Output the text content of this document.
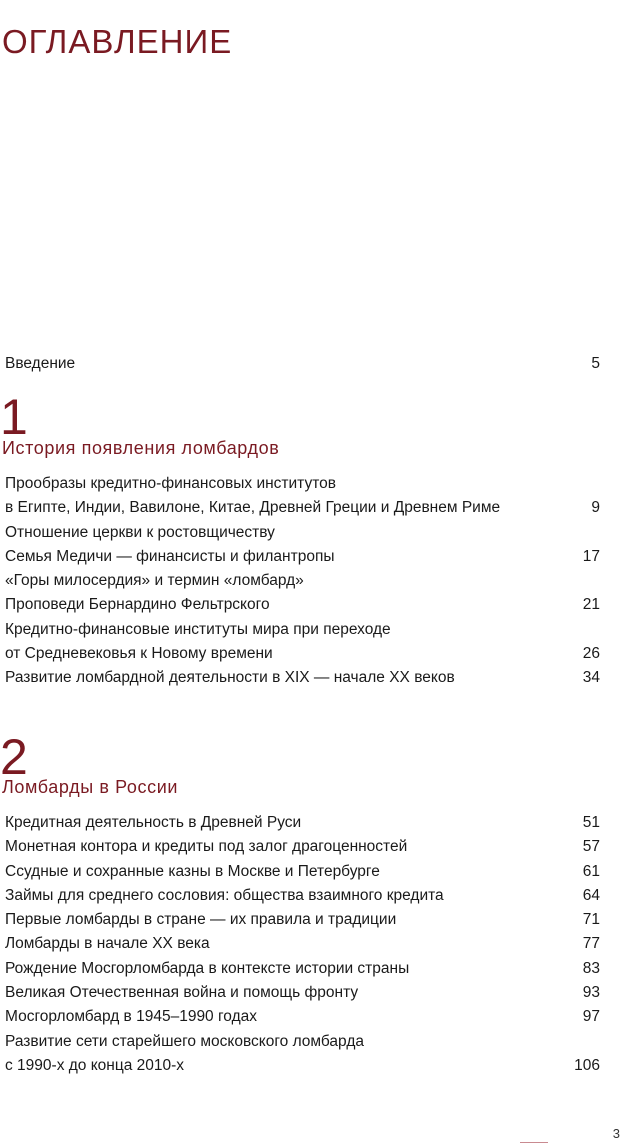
ОГЛАВЛЕНИЕ
Введение	5
1
История появления ломбардов
Прообразы кредитно-финансовых институтов
в Египте, Индии, Вавилоне, Китае, Древней Греции и Древнем Риме	9
Отношение церкви к ростовщичеству
Семья Медичи — финансисты и филантропы	17
«Горы милосердия» и термин «ломбард»
Проповеди Бернардино Фельтрского	21
Кредитно-финансовые институты мира при переходе
от Средневековья к Новому времени	26
Развитие ломбардной деятельности в XIX — начале XX веков	34
2
Ломбарды в России
Кредитная деятельность в Древней Руси	51
Монетная контора и кредиты под залог драгоценностей	57
Ссудные и сохранные казны в Москве и Петербурге	61
Займы для среднего сословия: общества взаимного кредита	64
Первые ломбарды в стране — их правила и традиции	71
Ломбарды в начале XX века	77
Рождение Мосгорломбарда в контексте истории страны	83
Великая Отечественная война и помощь фронту	93
Мосгорломбард в 1945–1990 годах	97
Развитие сети старейшего московского ломбарда
с 1990-х до конца 2010-х	106
3
